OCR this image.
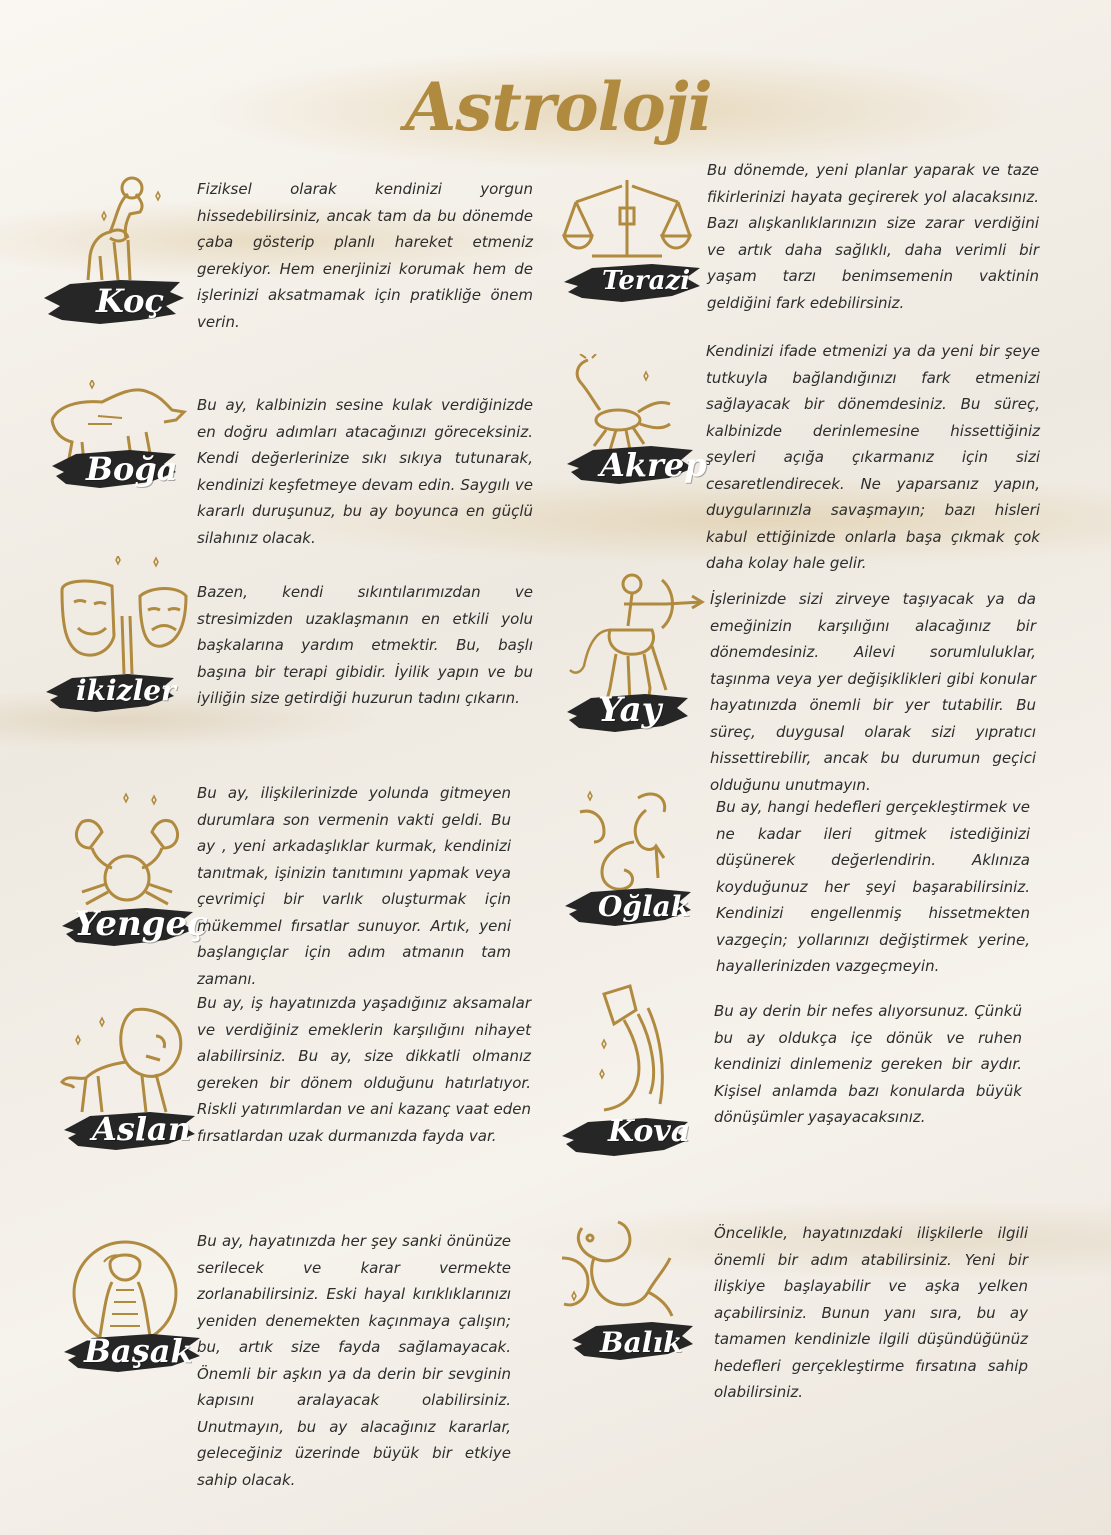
Astroloji
Koç
Fiziksel olarak kendinizi yorgun hissedebilirsiniz, ancak tam da bu dönemde çaba gösterip planlı hareket etmeniz gerekiyor. Hem enerjinizi korumak hem de işlerinizi aksatmamak için pratikliğe önem verin.
Terazi
Bu dönemde, yeni planlar yaparak ve taze fikirlerinizi hayata geçirerek yol alacaksınız. Bazı alışkanlıklarınızın size zarar verdiğini ve artık daha sağlıklı, daha verimli bir yaşam tarzı benimsemenin vaktinin geldiğini fark edebilirsiniz.
Boğa
Bu ay, kalbinizin sesine kulak verdiğinizde en doğru adımları atacağınızı göreceksiniz. Kendi değerlerinize sıkı sıkıya tutunarak, kendinizi keşfetmeye devam edin. Saygılı ve kararlı duruşunuz, bu ay boyunca en güçlü silahınız olacak.
Akrep
Kendinizi ifade etmenizi ya da yeni bir şeye tutkuyla bağlandığınızı fark etmenizi sağlayacak bir dönemdesiniz. Bu süreç, kalbinizde derinlemesine hissettiğiniz şeyleri açığa çıkarmanız için sizi cesaretlendirecek. Ne yaparsanız yapın, duygularınızla savaşmayın; bazı hisleri kabul ettiğinizde onlarla başa çıkmak çok daha kolay hale gelir.
ikizler
Bazen, kendi sıkıntılarımızdan ve stresimizden uzaklaşmanın en etkili yolu başkalarına yardım etmektir. Bu, başlı başına bir terapi gibidir. İyilik yapın ve bu iyiliğin size getirdiği huzurun tadını çıkarın.	Yay
İşlerinizde sizi zirveye taşıyacak ya da emeğinizin karşılığını alacağınız bir dönemdesiniz. Ailevi sorumluluklar, taşınma veya yer değişiklikleri gibi konular hayatınızda önemli bir yer tutabilir. Bu süreç, duygusal olarak sizi yıpratıcı hissettirebilir, ancak bu durumun geçici olduğunu unutmayın.
Yengeç
Bu ay, ilişkilerinizde yolunda gitmeyen durumlara son vermenin vakti geldi. Bu ay , yeni arkadaşlıklar kurmak, kendinizi tanıtmak, işinizin tanıtımını yapmak veya çevrimiçi bir varlık oluşturmak için mükemmel fırsatlar sunuyor. Artık, yeni başlangıçlar için adım atmanın tam zamanı.
Oğlak
Bu ay, hangi hedefleri gerçekleştirmek ve ne kadar ileri gitmek istediğinizi düşünerek değerlendirin. Aklınıza koyduğunuz her şeyi başarabilirsiniz. Kendinizi engellenmiş hissetmekten vazgeçin; yollarınızı değiştirmek yerine, hayallerinizden vazgeçmeyin.
Aslan
Bu ay, iş hayatınızda yaşadığınız aksamalar ve verdiğiniz emeklerin karşılığını nihayet alabilirsiniz. Bu ay, size dikkatli olmanız gereken bir dönem olduğunu hatırlatıyor. Riskli yatırımlardan ve ani kazanç vaat eden fırsatlardan uzak durmanızda fayda var.	Kova
Bu ay derin bir nefes alıyorsunuz. Çünkü bu ay oldukça içe dönük ve ruhen kendinizi dinlemeniz gereken bir aydır. Kişisel anlamda bazı konularda büyük dönüşümler yaşayacaksınız.
Başak
Bu ay, hayatınızda her şey sanki önünüze serilecek ve karar vermekte zorlanabilirsiniz. Eski hayal kırıklıklarınızı yeniden denemekten kaçınmaya çalışın; bu, artık size fayda sağlamayacak. Önemli bir aşkın ya da derin bir sevginin kapısını aralayacak olabilirsiniz. Unutmayın, bu ay alacağınız kararlar, geleceğiniz üzerinde büyük bir etkiye sahip olacak.
Balık
Öncelikle, hayatınızdaki ilişkilerle ilgili önemli bir adım atabilirsiniz. Yeni bir ilişkiye başlayabilir ve aşka yelken açabilirsiniz. Bunun yanı sıra, bu ay tamamen kendinizle ilgili düşündüğünüz hedefleri gerçekleştirme fırsatına sahip olabilirsiniz.
